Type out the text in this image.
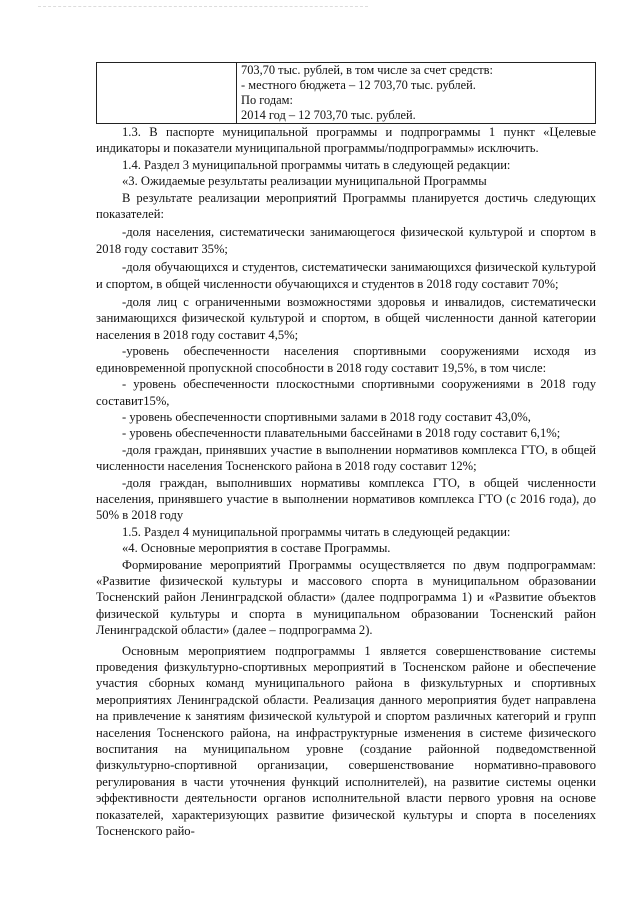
703,70 тыс. рублей, в том числе за счет средств:
- местного бюджета – 12 703,70 тыс. рублей.
По годам:
2014 год – 12 703,70 тыс. рублей.

1.3. В паспорте муниципальной программы и подпрограммы 1 пункт «Целевые индикаторы и показатели муниципальной программы/подпрограммы» исключить.

1.4. Раздел 3 муниципальной программы читать в следующей редакции:

«3. Ожидаемые результаты реализации муниципальной Программы

В результате реализации мероприятий Программы планируется достичь следующих показателей:

-доля населения, систематически занимающегося физической культурой и спортом в 2018 году составит 35%;

-доля обучающихся и студентов, систематически занимающихся физической культурой и спортом, в общей численности обучающихся и студентов в 2018 году составит 70%;

-доля лиц с ограниченными возможностями здоровья и инвалидов, систематически занимающихся физической культурой и спортом, в общей численности данной категории населения в 2018 году составит 4,5%;

-уровень обеспеченности населения спортивными сооружениями исходя из единовременной пропускной способности в 2018 году составит 19,5%, в том числе:

- уровень обеспеченности плоскостными спортивными сооружениями в 2018 году составит15%,

- уровень обеспеченности спортивными залами в 2018 году составит 43,0%,

- уровень обеспеченности плавательными бассейнами в 2018 году составит 6,1%;

-доля граждан, принявших участие в выполнении нормативов комплекса ГТО, в общей численности населения Тосненского района в 2018 году составит 12%;

-доля граждан, выполнивших нормативы комплекса ГТО, в общей численности населения, принявшего участие в выполнении нормативов комплекса ГТО (с 2016 года), до 50% в 2018 году

1.5. Раздел 4 муниципальной программы читать в следующей редакции:

«4. Основные мероприятия в составе Программы.

Формирование мероприятий Программы осуществляется по двум подпрограммам: «Развитие физической культуры и массового спорта в муниципальном образовании Тосненский район Ленинградской области» (далее подпрограмма 1) и «Развитие объектов физической культуры и спорта в муниципальном образовании Тосненский район Ленинградской области» (далее – подпрограмма 2).

Основным мероприятием подпрограммы 1 является совершенствование системы проведения физкультурно-спортивных мероприятий в Тосненском районе и обеспечение участия сборных команд муниципального района в физкультурных и спортивных мероприятиях Ленинградской области. Реализация данного мероприятия будет направлена на привлечение к занятиям физической культурой и спортом различных категорий и групп населения Тосненского района, на инфраструктурные изменения в системе физического воспитания на муниципальном уровне (создание районной подведомственной физкультурно-спортивной организации, совершенствование нормативно-правового регулирования в части уточнения функций исполнителей), на развитие системы оценки эффективности деятельности органов исполнительной власти первого уровня на основе показателей, характеризующих развитие физической культуры и спорта в поселениях Тосненского райо-
